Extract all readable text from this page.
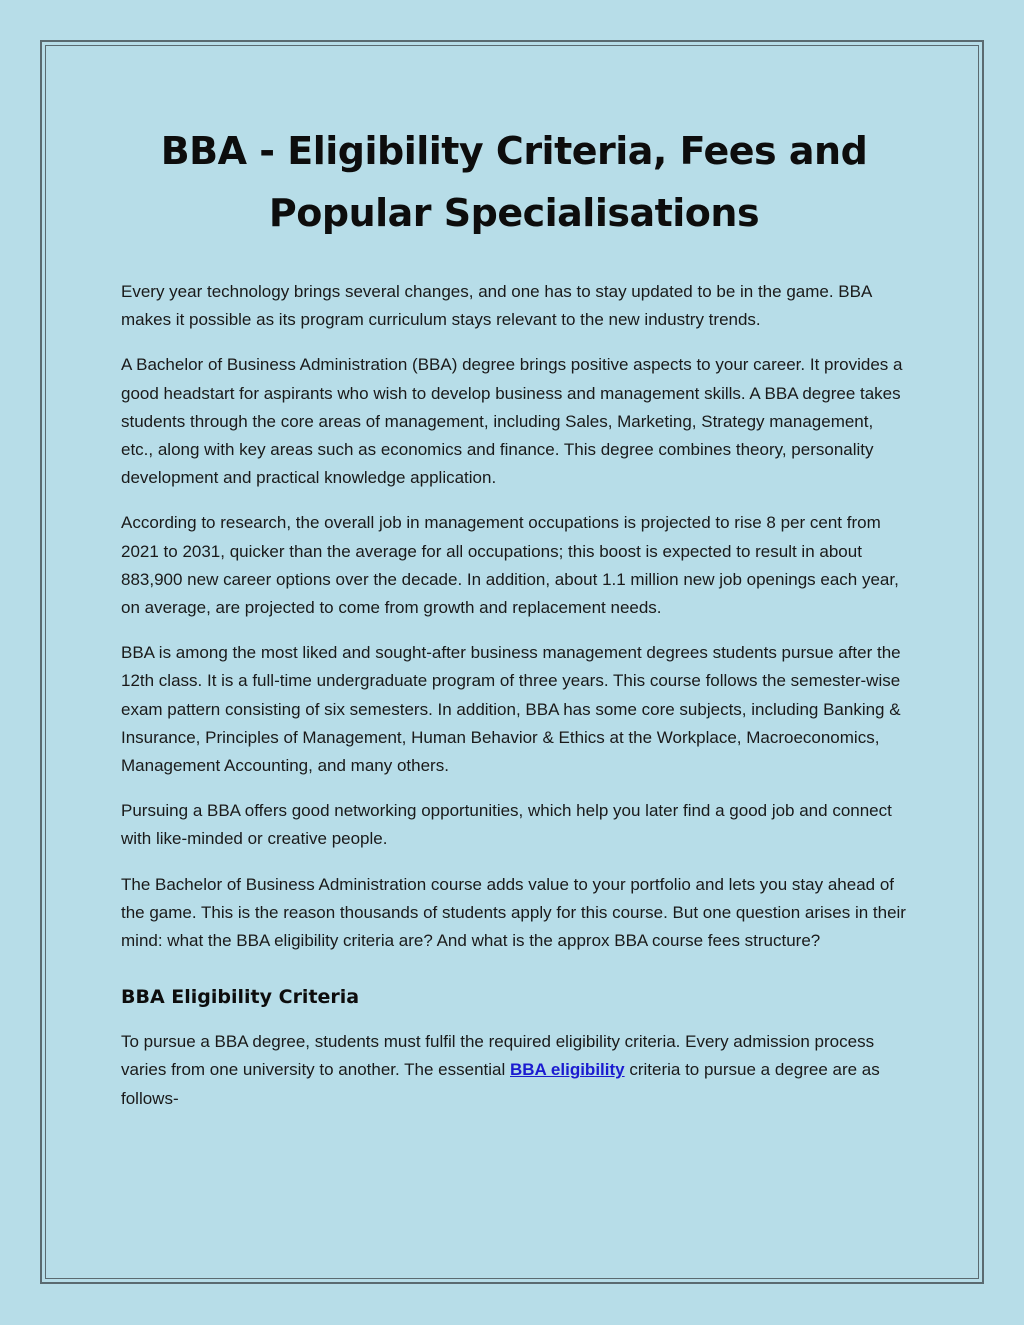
BBA - Eligibility Criteria, Fees and
Popular Specialisations

Every year technology brings several changes, and one has to stay updated to be in the game. BBA makes it possible as its program curriculum stays relevant to the new industry trends.

A Bachelor of Business Administration (BBA) degree brings positive aspects to your career. It provides a good headstart for aspirants who wish to develop business and management skills. A BBA degree takes students through the core areas of management, including Sales, Marketing, Strategy management, etc., along with key areas such as economics and finance. This degree combines theory, personality development and practical knowledge application.

According to research, the overall job in management occupations is projected to rise 8 per cent from 2021 to 2031, quicker than the average for all occupations; this boost is expected to result in about 883,900 new career options over the decade. In addition, about 1.1 million new job openings each year, on average, are projected to come from growth and replacement needs.

BBA is among the most liked and sought-after business management degrees students pursue after the 12th class. It is a full-time undergraduate program of three years. This course follows the semester-wise exam pattern consisting of six semesters. In addition, BBA has some core subjects, including Banking & Insurance, Principles of Management, Human Behavior & Ethics at the Workplace, Macroeconomics, Management Accounting, and many others.

Pursuing a BBA offers good networking opportunities, which help you later find a good job and connect with like-minded or creative people.

The Bachelor of Business Administration course adds value to your portfolio and lets you stay ahead of the game. This is the reason thousands of students apply for this course. But one question arises in their mind: what the BBA eligibility criteria are? And what is the approx BBA course fees structure?

BBA Eligibility Criteria

To pursue a BBA degree, students must fulfil the required eligibility criteria. Every admission process varies from one university to another. The essential BBA eligibility criteria to pursue a degree are as follows-
